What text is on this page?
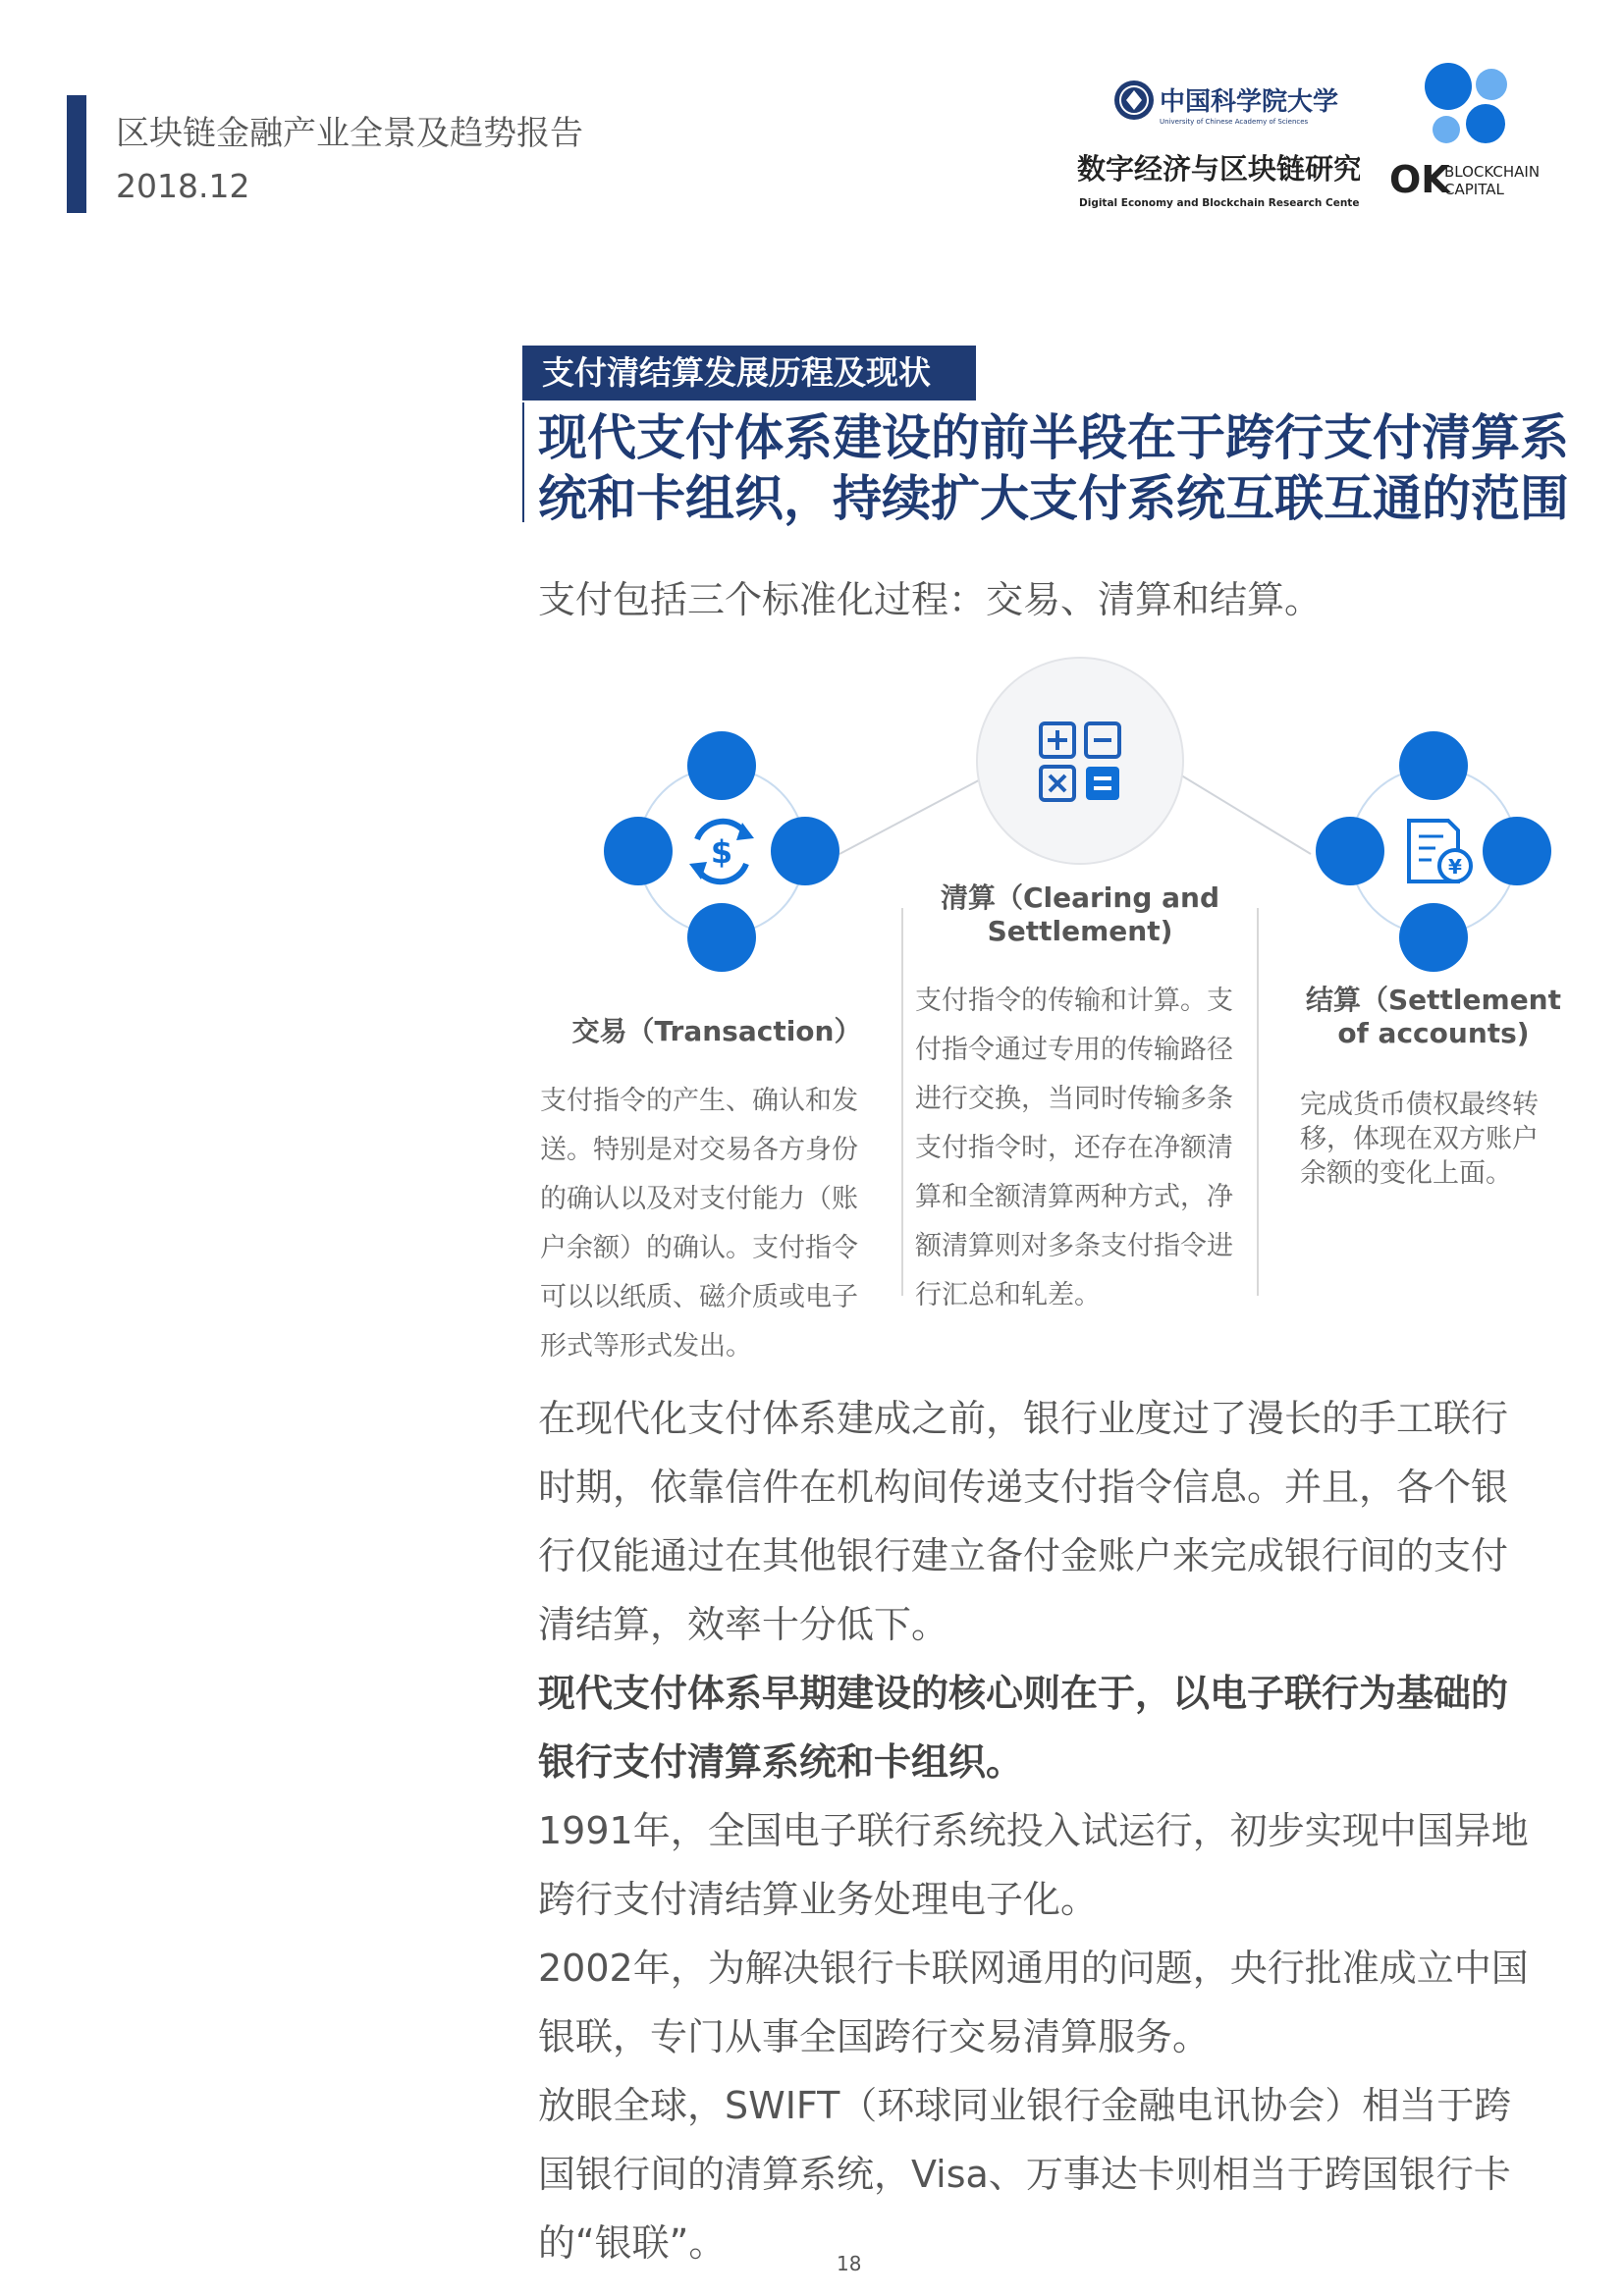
区块链金融产业全景及趋势报告
2018.12
中国科学院大学
University of Chinese Academy of Sciences
数字经济与区块链研究
Digital Economy and Blockchain Research Center
OK
BLOCKCHAIN
CAPITAL
支付清结算发展历程及现状
现代支付体系建设的前半段在于跨行支付清算系统和卡组织，持续扩大支付系统互联互通的范围
支付包括三个标准化过程：交易、清算和结算。
$	¥
交易（Transaction）
支付指令的产生、确认和发
送。特别是对交易各方身份
的确认以及对支付能力（账
户余额）的确认。支付指令
可以以纸质、磁介质或电子
形式等形式发出。
清算（Clearing and
Settlement)
支付指令的传输和计算。支
付指令通过专用的传输路径
进行交换，当同时传输多条
支付指令时，还存在净额清
算和全额清算两种方式，净
额清算则对多条支付指令进
行汇总和轧差。
结算（Settlement
of accounts)
完成货币债权最终转
移，体现在双方账户
余额的变化上面。
在现代化支付体系建成之前，银行业度过了漫长的手工联行
时期，依靠信件在机构间传递支付指令信息。并且，各个银
行仅能通过在其他银行建立备付金账户来完成银行间的支付
清结算，效率十分低下。
现代支付体系早期建设的核心则在于，以电子联行为基础的
银行支付清算系统和卡组织。
1991年，全国电子联行系统投入试运行，初步实现中国异地
跨行支付清结算业务处理电子化。
2002年，为解决银行卡联网通用的问题，央行批准成立中国
银联，专门从事全国跨行交易清算服务。
放眼全球，SWIFT（环球同业银行金融电讯协会）相当于跨
国银行间的清算系统，Visa、万事达卡则相当于跨国银行卡
的“银联”。	18
